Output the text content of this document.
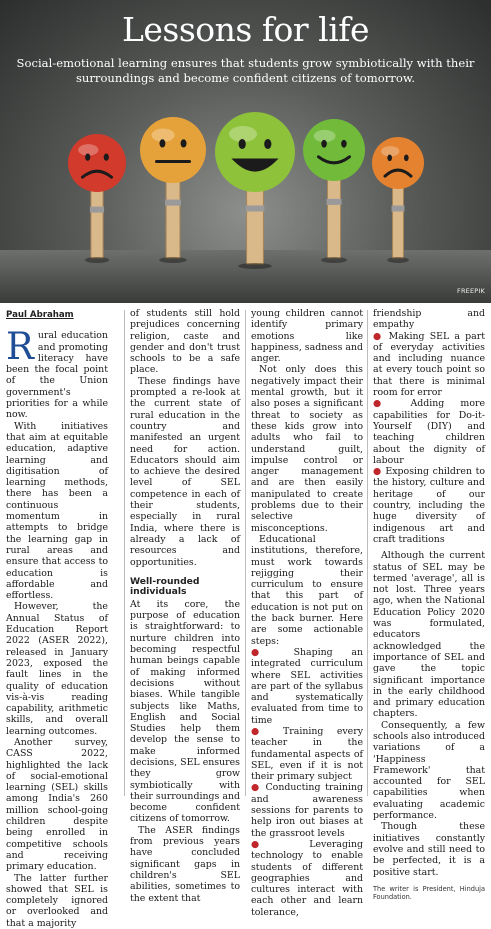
Lessons for life
Social-emotional learning ensures that students grow symbiotically with their surroundings and become confident citizens of tomorrow.
FREEPIK
Paul Abraham

Rural education and promoting literacy have been the focal point of the Union government's priorities for a while now.

With initiatives that aim at equitable education, adaptive learning and digitisation of learning methods, there has been a continuous momentum in attempts to bridge the learning gap in rural areas and ensure that access to education is affordable and effortless.

However, the Annual Status of Education Report 2022 (ASER 2022), released in January 2023, exposed the fault lines in the quality of education vis-à-vis reading capability, arithmetic skills, and overall learning outcomes.

Another survey, CASS 2022, highlighted the lack of social-emotional learning (SEL) skills among India's 260 million school-going children despite being enrolled in competitive schools and receiving primary education.

The latter further showed that SEL is completely ignored or overlooked and that a majority

of students still hold prejudices concerning religion, caste and gender and don't trust schools to be a safe place.

These findings have prompted a re-look at the current state of rural education in the country and manifested an urgent need for action. Educators should aim to achieve the desired level of SEL competence in each of their students, especially in rural India, where there is already a lack of resources and opportunities.

Well-rounded individuals

At its core, the purpose of education is straightforward: to nurture children into becoming respectful human beings capable of making informed decisions without biases. While tangible subjects like Maths, English and Social Studies help them develop the sense to make informed decisions, SEL ensures they grow symbiotically with their surroundings and become confident citizens of tomorrow.

The ASER findings from previous years have concluded significant gaps in children's SEL abilities, sometimes to the extent that

young children cannot identify primary emotions like happiness, sadness and anger.

Not only does this negatively impact their mental growth, but it also poses a significant threat to society as these kids grow into adults who fail to understand guilt, impulse control or anger management and are then easily manipulated to create problems due to their selective misconceptions.

Educational institutions, therefore, must work towards rejigging their curriculum to ensure that this part of education is not put on the back burner. Here are some actionable steps:

● Shaping an integrated curriculum where SEL activities are part of the syllabus and systematically evaluated from time to time

● Training every teacher in the fundamental aspects of SEL, even if it is not their primary subject

● Conducting training and awareness sessions for parents to help iron out biases at the grassroot levels

●	Leveraging technology to enable students of different geographies and cultures interact with each other and learn tolerance,

friendship and empathy

● Making SEL a part of everyday activities and including nuance at every touch point so that there is minimal room for error

● Adding more capabilities for Do-it-Yourself (DIY) and teaching children about the dignity of labour

● Exposing children to the history, culture and heritage of our country, including the huge diversity of indigenous art and craft traditions

Although the current status of SEL may be termed 'average', all is not lost. Three years ago, when the National Education Policy 2020 was formulated, educators acknowledged the importance of SEL and gave the topic significant importance in the early childhood and primary education chapters.

Consequently, a few schools also introduced variations of a 'Happiness Framework' that accounted for SEL capabilities when evaluating academic performance.

Though these initiatives constantly evolve and still need to be perfected, it is a positive start.

The writer is President, Hinduja Foundation.
